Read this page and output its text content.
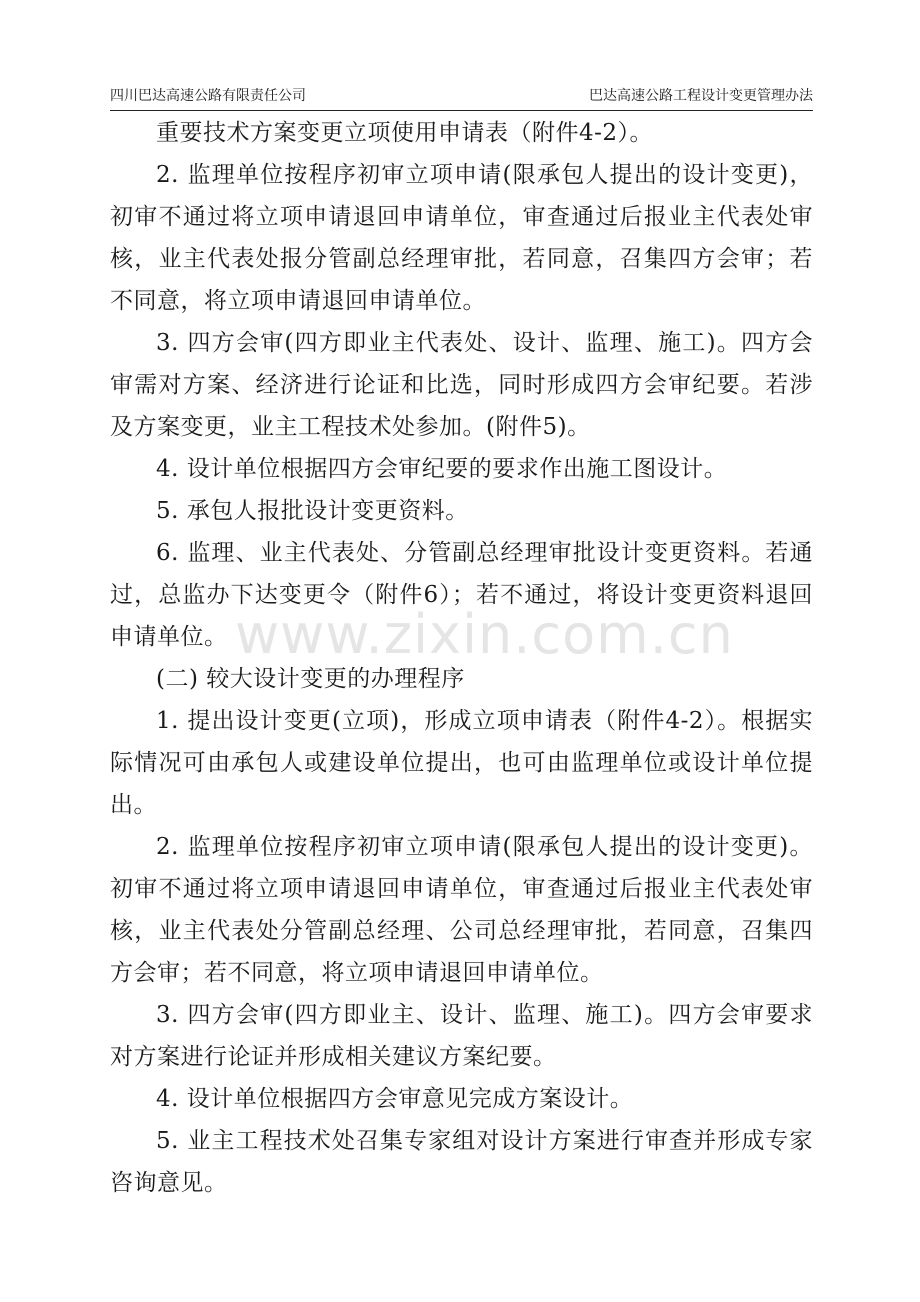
四川巴达高速公路有限责任公司	巴达高速公路工程设计变更管理办法

重要技术方案变更立项使用申请表（附件4-2）。

2. 监理单位按程序初审立项申请(限承包人提出的设计变更)，初审不通过将立项申请退回申请单位，审查通过后报业主代表处审核，业主代表处报分管副总经理审批，若同意，召集四方会审；若不同意，将立项申请退回申请单位。

3. 四方会审(四方即业主代表处、设计、监理、施工)。四方会审需对方案、经济进行论证和比选，同时形成四方会审纪要。若涉及方案变更，业主工程技术处参加。(附件5)。

4. 设计单位根据四方会审纪要的要求作出施工图设计。

5. 承包人报批设计变更资料。

6. 监理、业主代表处、分管副总经理审批设计变更资料。若通过，总监办下达变更令（附件6）；若不通过，将设计变更资料退回申请单位。

(二) 较大设计变更的办理程序

1. 提出设计变更(立项)，形成立项申请表（附件4-2）。根据实际情况可由承包人或建设单位提出，也可由监理单位或设计单位提出。

2. 监理单位按程序初审立项申请(限承包人提出的设计变更)。初审不通过将立项申请退回申请单位，审查通过后报业主代表处审核，业主代表处分管副总经理、公司总经理审批，若同意，召集四方会审；若不同意，将立项申请退回申请单位。

3. 四方会审(四方即业主、设计、监理、施工)。四方会审要求对方案进行论证并形成相关建议方案纪要。

4. 设计单位根据四方会审意见完成方案设计。

5. 业主工程技术处召集专家组对设计方案进行审查并形成专家咨询意见。

www.zixin.com.cn
